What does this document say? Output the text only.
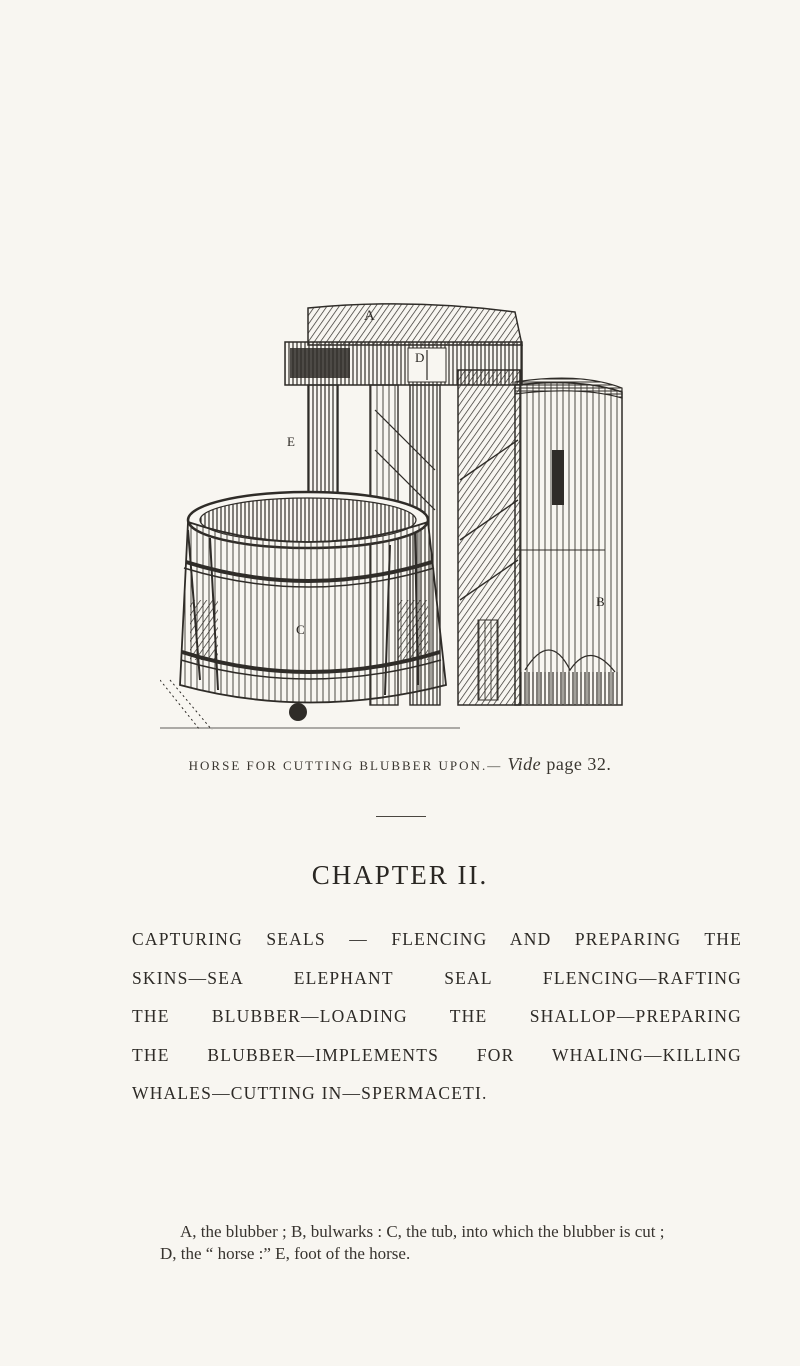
A
B
C
D
E
HORSE FOR CUTTING BLUBBER UPON.— Vide page 32.
CHAPTER II.
CAPTURING SEALS — FLENCING AND PREPARING THE
SKINS—SEA ELEPHANT SEAL FLENCING—RAFTING
THE BLUBBER—LOADING THE SHALLOP—PREPARING
THE BLUBBER—IMPLEMENTS FOR WHALING—KILLING
WHALES—CUTTING IN—SPERMACETI.
A, the blubber ; B, bulwarks : C, the tub, into which the blubber is cut ;
D, the “ horse :” E, foot of the horse.
